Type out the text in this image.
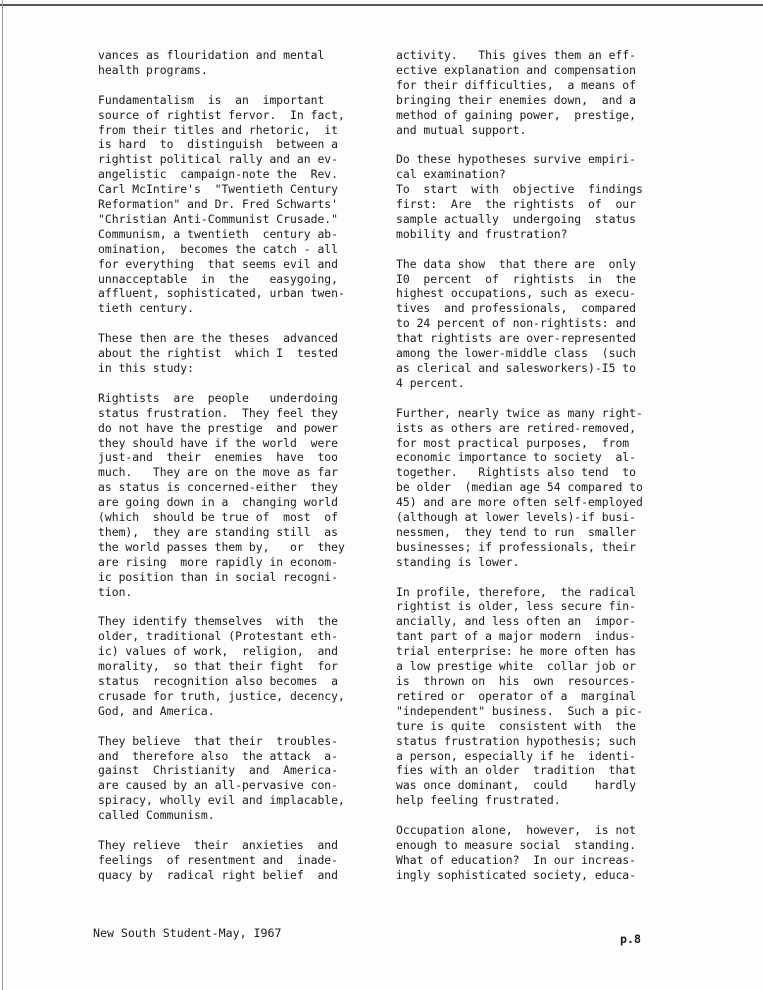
vances as flouridation and mental
health programs.

Fundamentalism  is  an  important
source of rightist fervor.  In fact,
from their titles and rhetoric,  it
is hard  to  distinguish  between a
rightist political rally and an ev-
angelistic  campaign-note the  Rev.
Carl McIntire's  "Twentieth Century
Reformation" and Dr. Fred Schwarts'
"Christian Anti-Communist Crusade."
Communism, a twentieth  century ab-
omination,  becomes the catch - all
for everything  that seems evil and
unnacceptable  in  the   easygoing,
affluent, sophisticated, urban twen-
tieth century.

These then are the theses  advanced
about the rightist  which I  tested
in this study:

Rightists  are  people   underdoing
status frustration.  They feel they
do not have the prestige  and power
they should have if the world  were
just-and  their  enemies  have  too
much.   They are on the move as far
as status is concerned-either  they
are going down in a  changing world
(which  should be true of  most  of
them),  they are standing still  as
the world passes them by,   or  they
are rising  more rapidly in econom-
ic position than in social recogni-
tion.

They identify themselves  with  the
older, traditional (Protestant eth-
ic) values of work,  religion,  and
morality,  so that their fight  for
status  recognition also becomes  a
crusade for truth, justice, decency,
God, and America.

They believe  that their  troubles-
and  therefore also  the attack  a-
gainst  Christianity  and  America-
are caused by an all-pervasive con-
spiracy, wholly evil and implacable,
called Communism.

They relieve  their  anxieties  and
feelings  of resentment and  inade-
quacy by  radical right belief  and

activity.   This gives them an eff-
ective explanation and compensation
for their difficulties,  a means of
bringing their enemies down,  and a
method of gaining power,  prestige,
and mutual support.

Do these hypotheses survive empiri-
cal examination?
To  start  with  objective  findings
first:  Are  the rightists  of  our
sample actually  undergoing  status
mobility and frustration?

The data show  that there are  only
I0  percent  of  rightists  in  the
highest occupations, such as execu-
tives  and professionals,  compared
to 24 percent of non-rightists: and
that rightists are over-represented
among the lower-middle class  (such
as clerical and salesworkers)-I5 to
4 percent.

Further, nearly twice as many right-
ists as others are retired-removed,
for most practical purposes,  from
economic importance to society  al-
together.   Rightists also tend  to
be older  (median age 54 compared to
45) and are more often self-employed
(although at lower levels)-if busi-
nessmen,  they tend to run  smaller
businesses; if professionals, their
standing is lower.

In profile, therefore,  the radical
rightist is older, less secure fin-
ancially, and less often an  impor-
tant part of a major modern  indus-
trial enterprise: he more often has
a low prestige white  collar job or
is  thrown on  his  own  resources-
retired or  operator of a  marginal
"independent" business.  Such a pic-
ture is quite  consistent with  the
status frustration hypothesis; such
a person, especially if he  identi-
fies with an older  tradition  that
was once dominant,  could    hardly
help feeling frustrated.

Occupation alone,  however,  is not
enough to measure social  standing.
What of education?  In our increas-
ingly sophisticated society, educa-

New South Student-May, I967	p.8
